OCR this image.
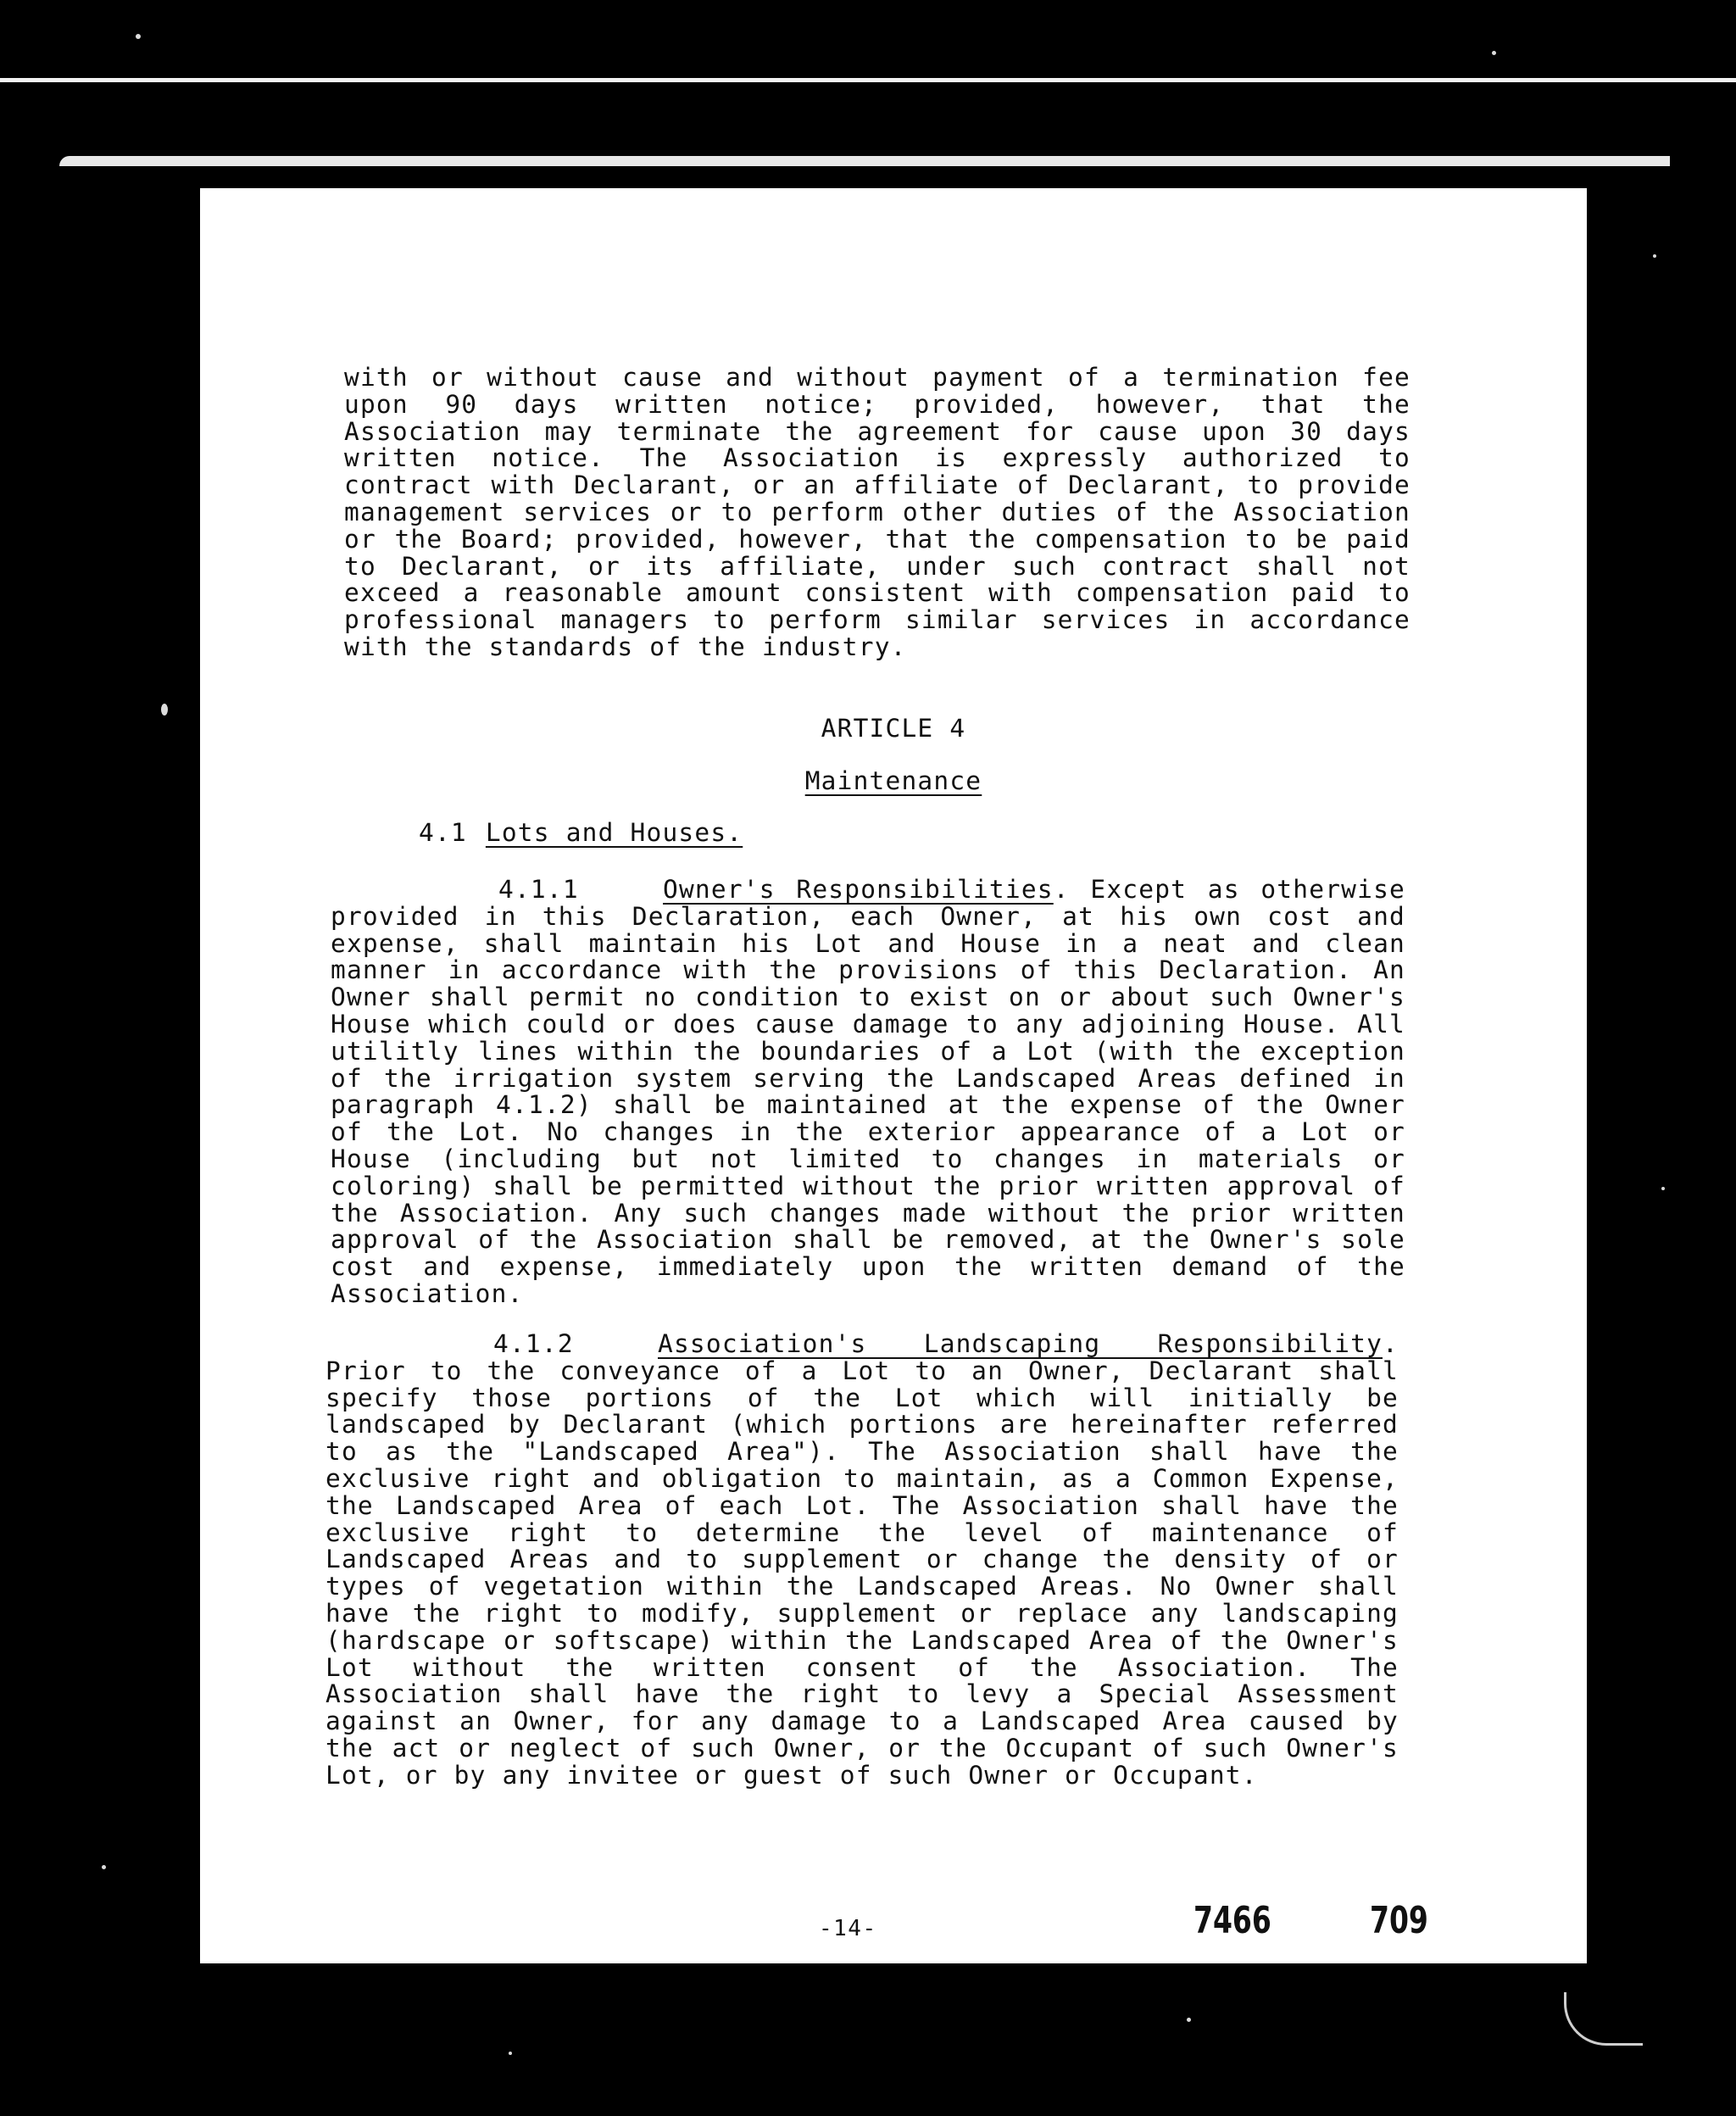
with or without cause and without payment of a termination fee upon 90 days written notice; provided, however, that the Association may terminate the agreement for cause upon 30 days written notice. The Association is expressly authorized to contract with Declarant, or an affiliate of Declarant, to provide management services or to perform other duties of the Association or the Board; provided, however, that the compensation to be paid to Declarant, or its affiliate, under such contract shall not exceed a reasonable amount consistent with compensation paid to professional managers to perform similar services in accordance with the standards of the industry.
ARTICLE 4
Maintenance
4.1 Lots and Houses.
4.1.1	Owner's Responsibilities. Except as otherwise provided in this Declaration, each Owner, at his own cost and expense, shall maintain his Lot and House in a neat and clean manner in accordance with the provisions of this Declaration. An Owner shall permit no condition to exist on or about such Owner's House which could or does cause damage to any adjoining House. All utilitly lines within the boundaries of a Lot (with the exception of the irrigation system serving the Landscaped Areas defined in paragraph 4.1.2) shall be maintained at the expense of the Owner of the Lot. No changes in the exterior appearance of a Lot or House (including but not limited to changes in materials or coloring) shall be permitted without the prior written approval of the Association. Any such changes made without the prior written approval of the Association shall be removed, at the Owner's sole cost and expense, immediately upon the written demand of the Association.
4.1.2	Association's Landscaping Responsibility. Prior to the conveyance of a Lot to an Owner, Declarant shall specify those portions of the Lot which will initially be landscaped by Declarant (which portions are hereinafter referred to as the "Landscaped Area"). The Association shall have the exclusive right and obligation to maintain, as a Common Expense, the Landscaped Area of each Lot. The Association shall have the exclusive right to determine the level of maintenance of Landscaped Areas and to supplement or change the density of or types of vegetation within the Landscaped Areas. No Owner shall have the right to modify, supplement or replace any landscaping (hardscape or softscape) within the Landscaped Area of the Owner's Lot without the written consent of the Association. The Association shall have the right to levy a Special Assessment against an Owner, for any damage to a Landscaped Area caused by the act or neglect of such Owner, or the Occupant of such Owner's Lot, or by any invitee or guest of such Owner or Occupant.
-14-	7466	709
